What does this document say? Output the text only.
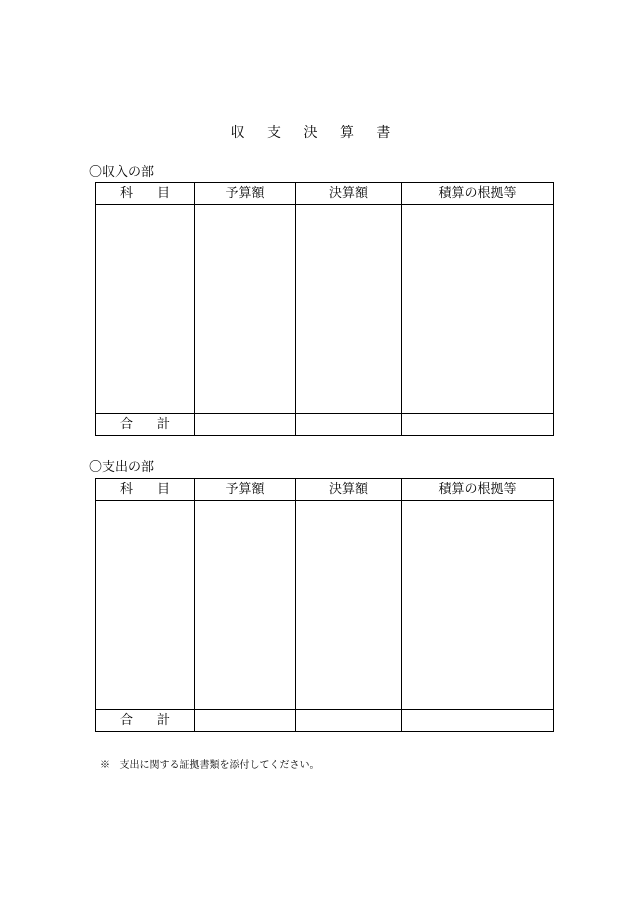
収 支 決 算 書
〇収入の部
科 目	予算額	決算額	積算の根拠等

合 計			
〇支出の部
科 目	予算額	決算額	積算の根拠等

合 計			
※ 支出に関する証拠書類を添付してください。
